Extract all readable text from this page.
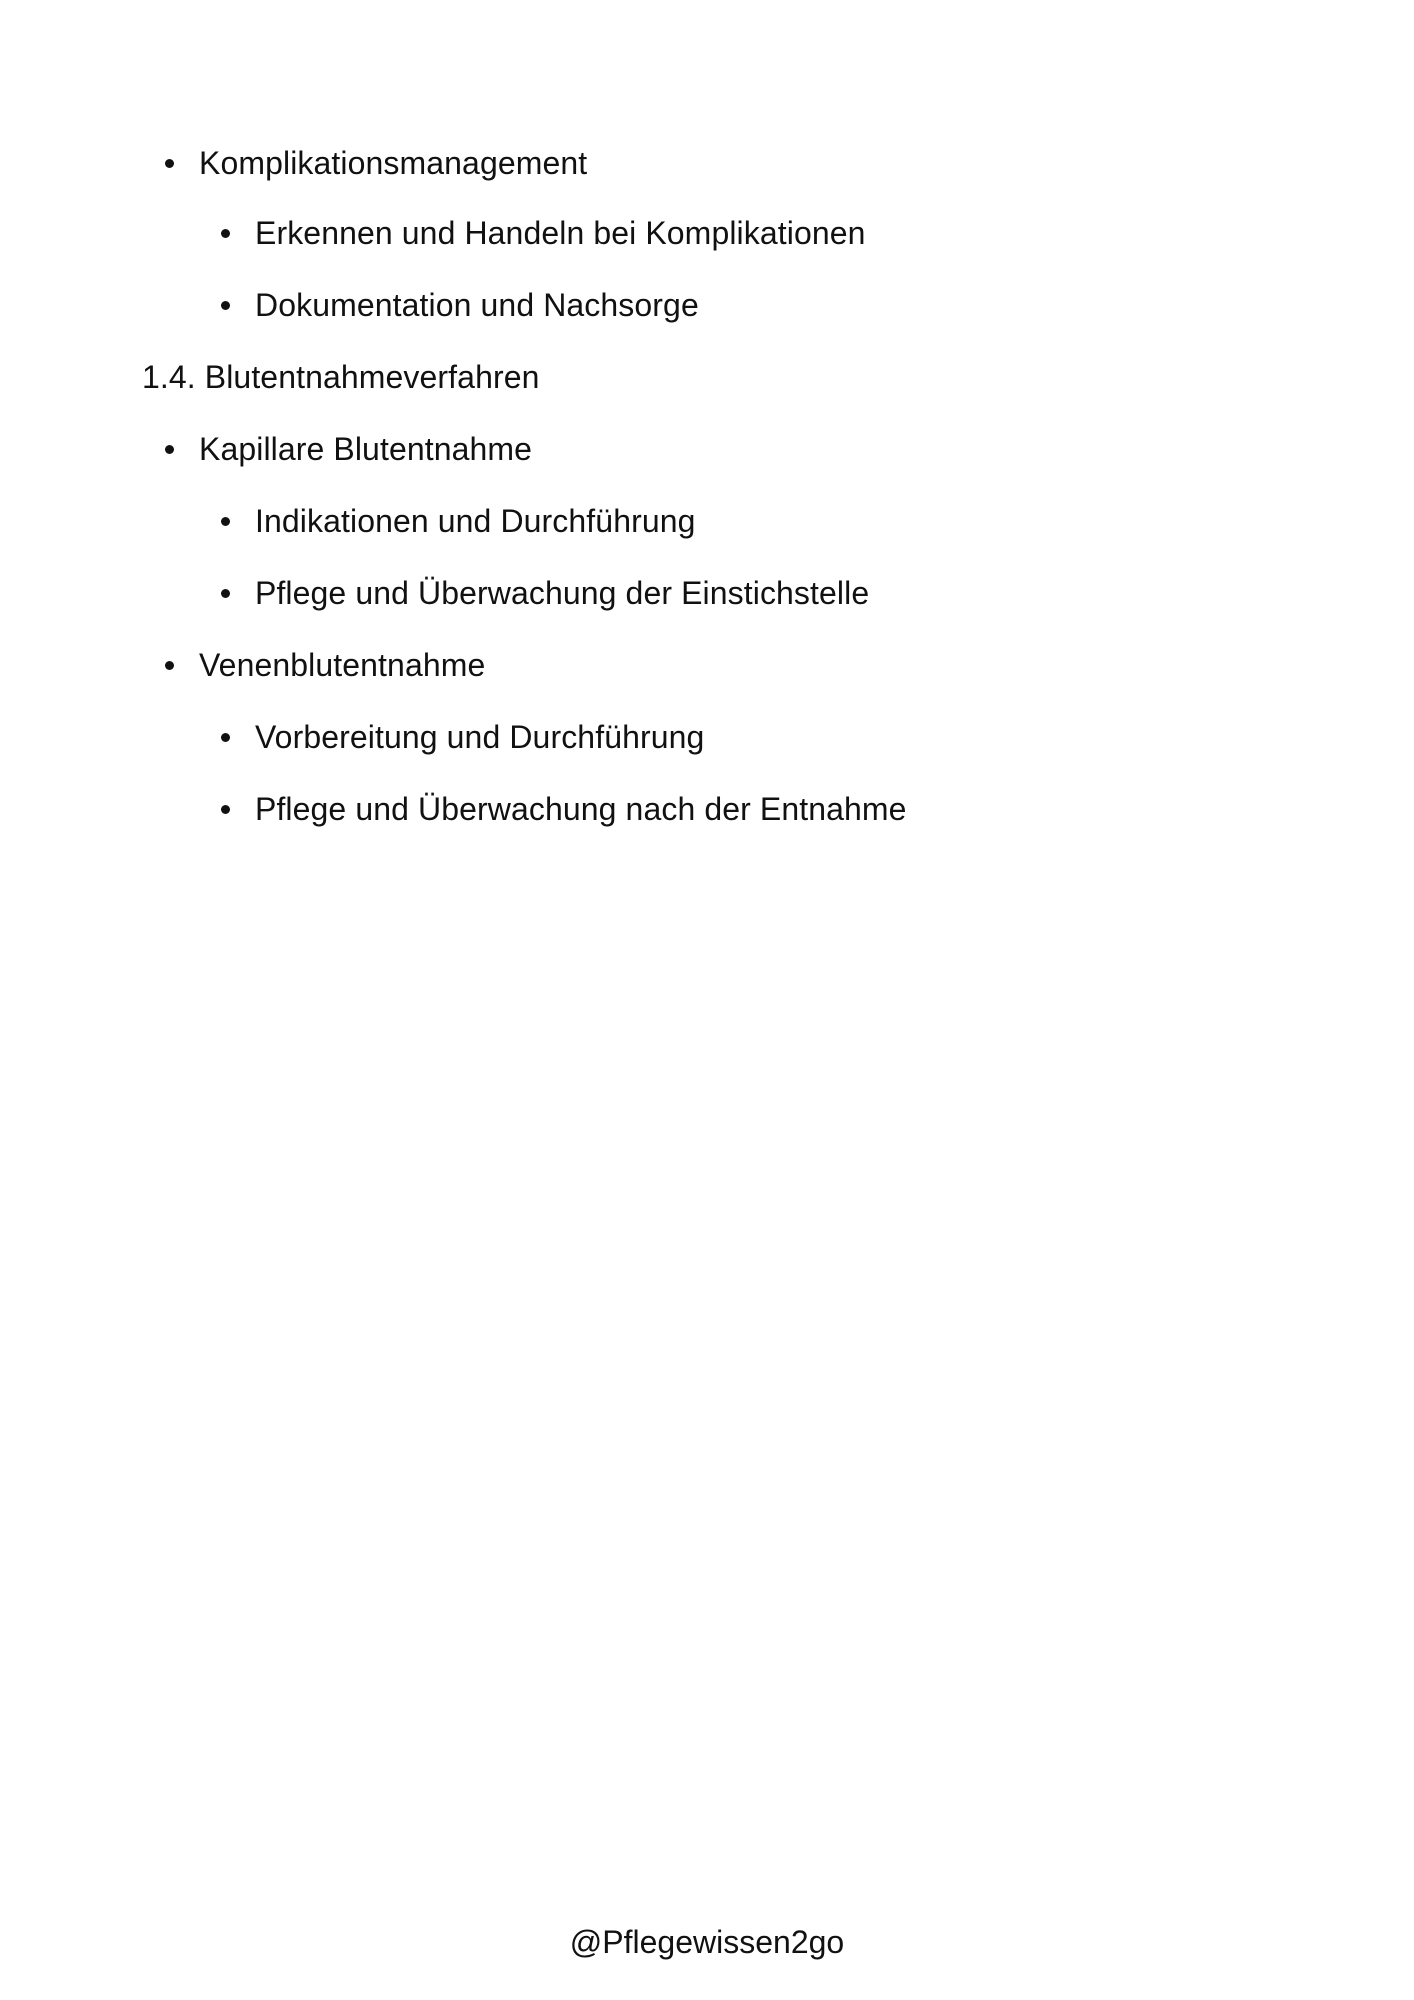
Komplikationsmanagement
Erkennen und Handeln bei Komplikationen
Dokumentation und Nachsorge
1.4. Blutentnahmeverfahren
Kapillare Blutentnahme
Indikationen und Durchführung
Pflege und Überwachung der Einstichstelle
Venenblutentnahme
Vorbereitung und Durchführung
Pflege und Überwachung nach der Entnahme
@Pflegewissen2go
